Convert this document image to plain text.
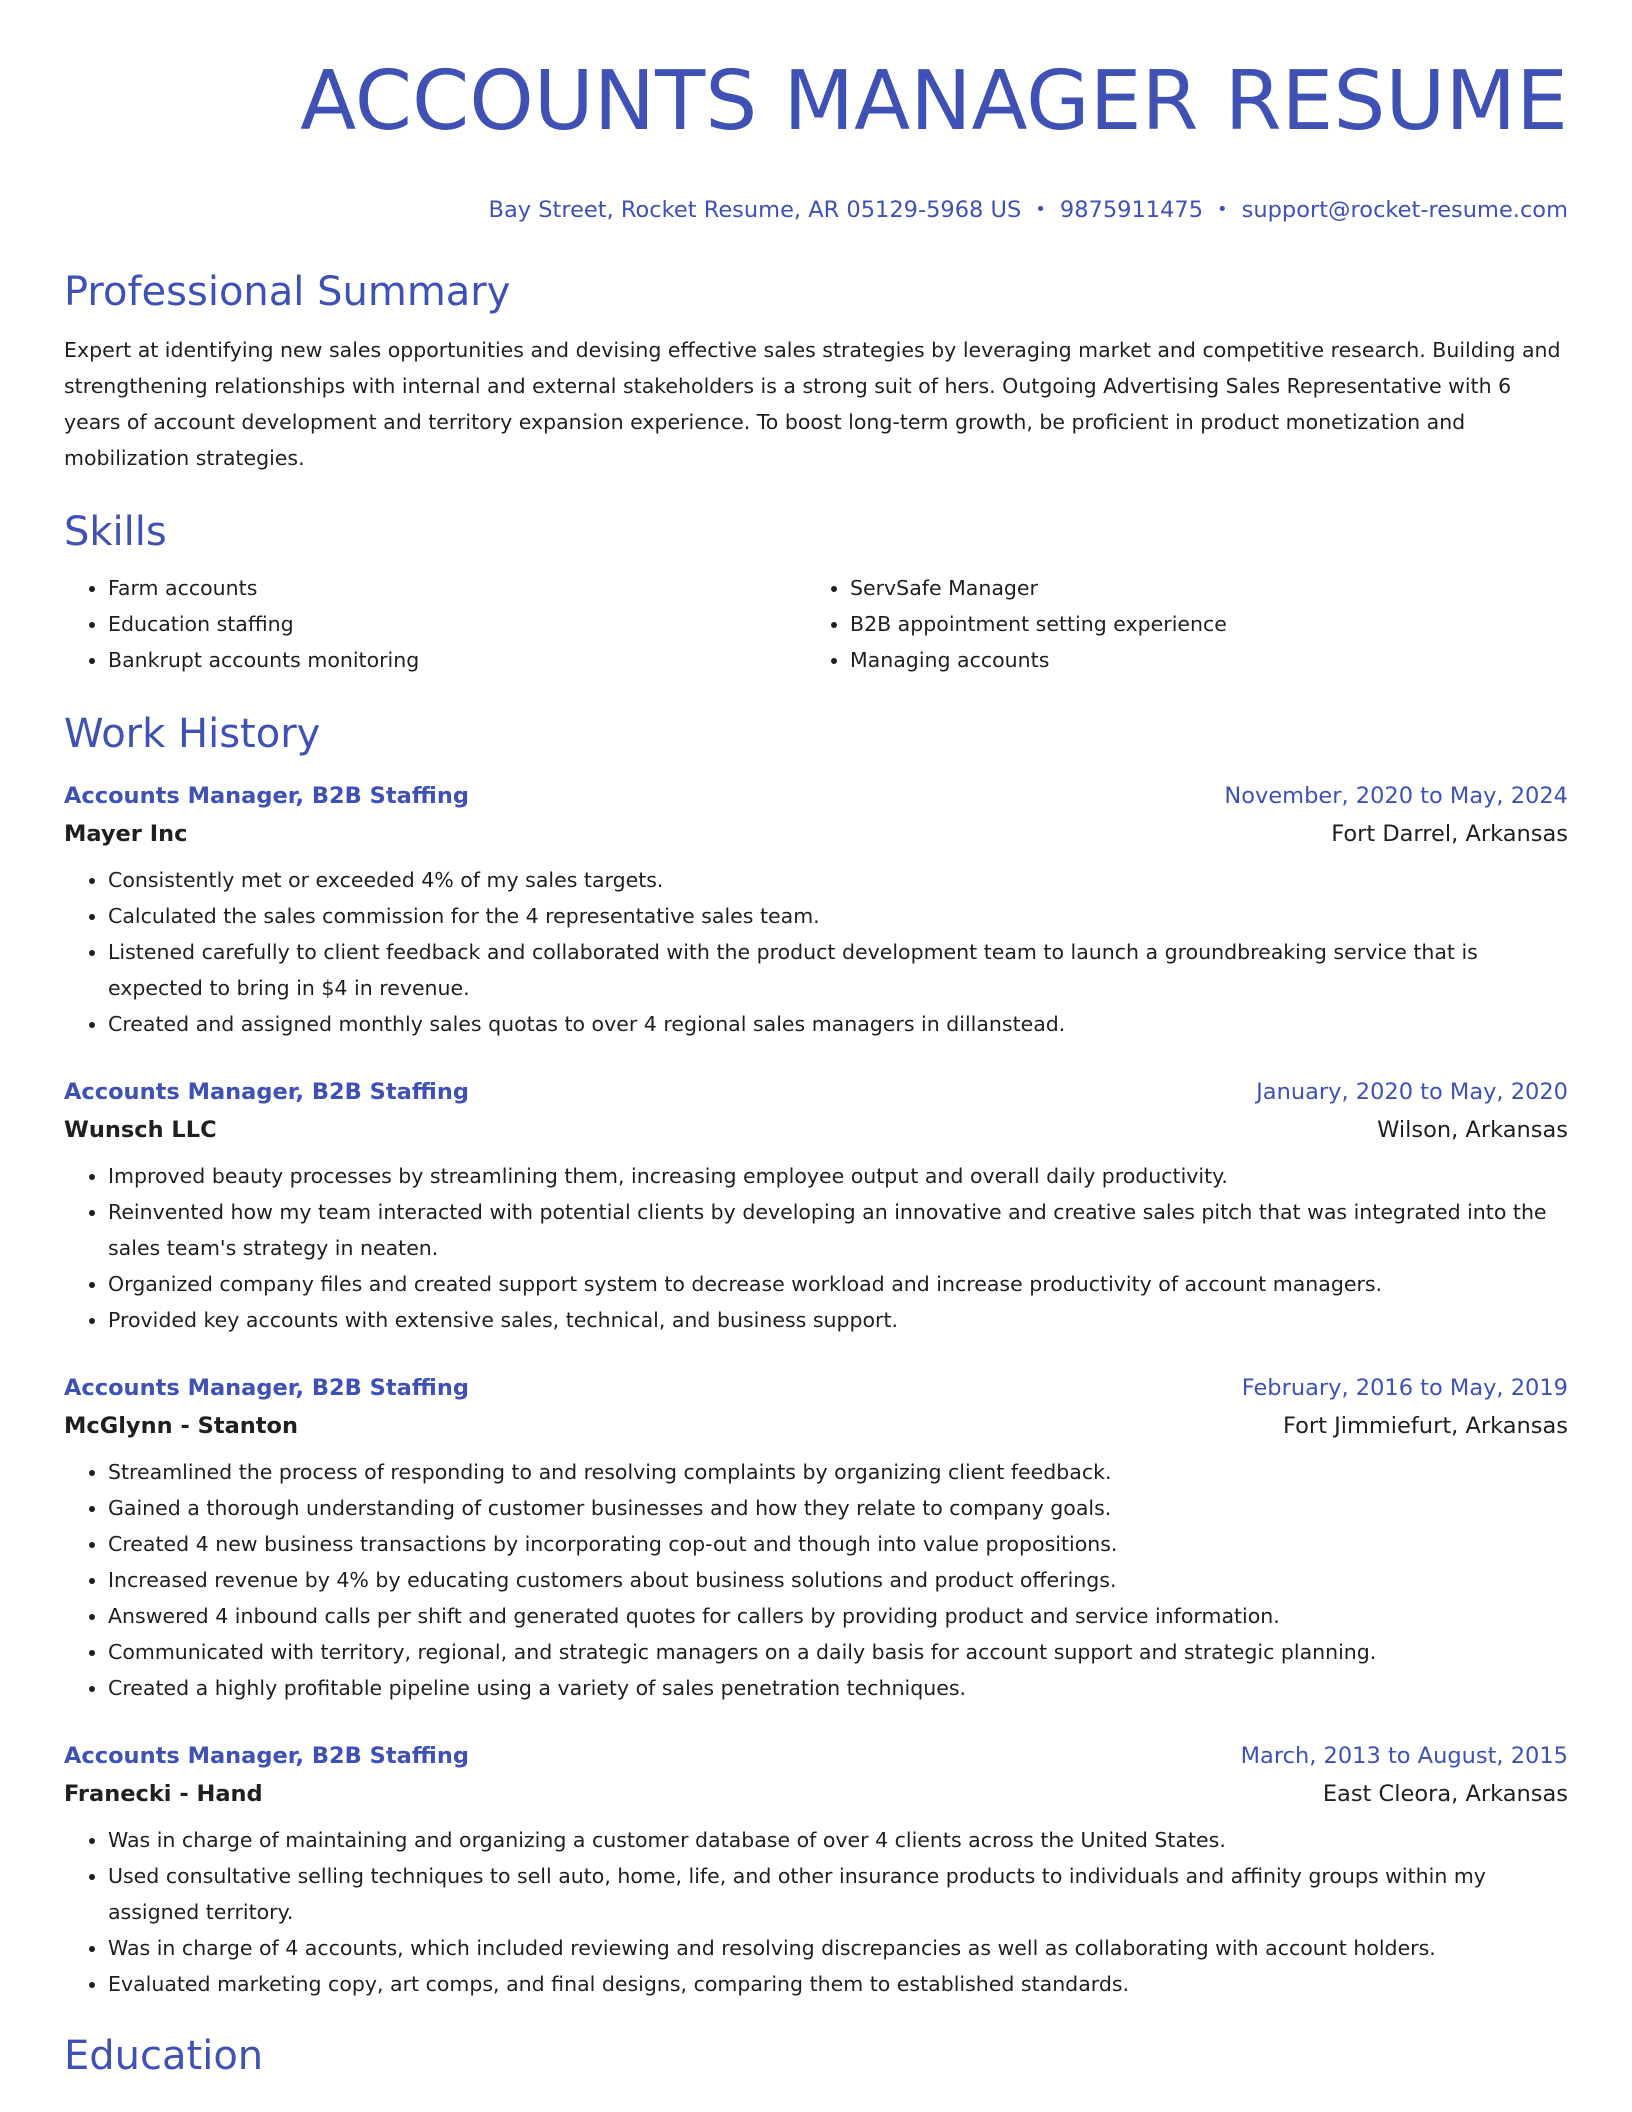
ACCOUNTS MANAGER RESUME
Bay Street, Rocket Resume, AR 05129-5968 US • 9875911475 • support@rocket-resume.com
Professional Summary

Expert at identifying new sales opportunities and devising effective sales strategies by leveraging market and competitive research. Building and strengthening relationships with internal and external stakeholders is a strong suit of hers. Outgoing Advertising Sales Representative with 6 years of account development and territory expansion experience. To boost long-term growth, be proficient in product monetization and mobilization strategies.

Skills
• Farm accounts
• Education staffing
• Bankrupt accounts monitoring
• ServSafe Manager
• B2B appointment setting experience
• Managing accounts
Work History
Accounts Manager, B2B Staffing	November, 2020 to May, 2024
Mayer Inc	Fort Darrel, Arkansas
• Consistently met or exceeded 4% of my sales targets.
• Calculated the sales commission for the 4 representative sales team.
• Listened carefully to client feedback and collaborated with the product development team to launch a groundbreaking service that is expected to bring in $4 in revenue.
• Created and assigned monthly sales quotas to over 4 regional sales managers in dillanstead.
Accounts Manager, B2B Staffing	January, 2020 to May, 2020
Wunsch LLC	Wilson, Arkansas
• Improved beauty processes by streamlining them, increasing employee output and overall daily productivity.
• Reinvented how my team interacted with potential clients by developing an innovative and creative sales pitch that was integrated into the sales team's strategy in neaten.
• Organized company files and created support system to decrease workload and increase productivity of account managers.
• Provided key accounts with extensive sales, technical, and business support.
Accounts Manager, B2B Staffing	February, 2016 to May, 2019
McGlynn - Stanton	Fort Jimmiefurt, Arkansas
• Streamlined the process of responding to and resolving complaints by organizing client feedback.
• Gained a thorough understanding of customer businesses and how they relate to company goals.
• Created 4 new business transactions by incorporating cop-out and though into value propositions.
• Increased revenue by 4% by educating customers about business solutions and product offerings.
• Answered 4 inbound calls per shift and generated quotes for callers by providing product and service information.
• Communicated with territory, regional, and strategic managers on a daily basis for account support and strategic planning.
• Created a highly profitable pipeline using a variety of sales penetration techniques.
Accounts Manager, B2B Staffing	March, 2013 to August, 2015
Franecki - Hand	East Cleora, Arkansas
• Was in charge of maintaining and organizing a customer database of over 4 clients across the United States.
• Used consultative selling techniques to sell auto, home, life, and other insurance products to individuals and affinity groups within my assigned territory.
• Was in charge of 4 accounts, which included reviewing and resolving discrepancies as well as collaborating with account holders.
• Evaluated marketing copy, art comps, and final designs, comparing them to established standards.
Education
